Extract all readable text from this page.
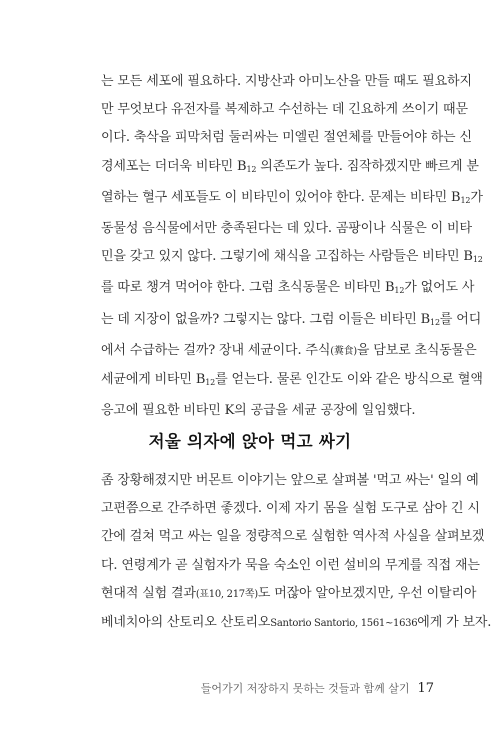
는 모든 세포에 필요하다. 지방산과 아미노산을 만들 때도 필요하지
만 무엇보다 유전자를 복제하고 수선하는 데 긴요하게 쓰이기 때문
이다. 축삭을 피막처럼 둘러싸는 미엘린 절연체를 만들어야 하는 신
경세포는 더더욱 비타민 $B_{12}$ 의존도가 높다. 짐작하겠지만 빠르게 분
열하는 혈구 세포들도 이 비타민이 있어야 한다. 문제는 비타민 $B_{12}$가
동물성 음식물에서만 충족된다는 데 있다. 곰팡이나 식물은 이 비타
민을 갖고 있지 않다. 그렇기에 채식을 고집하는 사람들은 비타민 $B_{12}$
를 따로 챙겨 먹어야 한다. 그럼 초식동물은 비타민 $B_{12}$가 없어도 사
는 데 지장이 없을까? 그렇지는 않다. 그럼 이들은 비타민 $B_{12}$를 어디
에서 수급하는 걸까? 장내 세균이다. 주식(糞食)을 담보로 초식동물은
세균에게 비타민 $B_{12}$를 얻는다. 물론 인간도 이와 같은 방식으로 혈액
응고에 필요한 비타민 K의 공급을 세균 공장에 일임했다.
저울 의자에 앉아 먹고 싸기
좀 장황해졌지만 버몬트 이야기는 앞으로 살펴볼 '먹고 싸는' 일의 예
고편쯤으로 간주하면 좋겠다. 이제 자기 몸을 실험 도구로 삼아 긴 시
간에 걸쳐 먹고 싸는 일을 정량적으로 실험한 역사적 사실을 살펴보겠
다. 연령계가 곧 실험자가 묵을 숙소인 이런 설비의 무게를 직접 재는
현대적 실험 결과(표10, 217쪽)도 머잖아 알아보겠지만, 우선 이탈리아
베네치아의 산토리오 산토리오Santorio Santorio, 1561~1636에게 가 보자.
들어가기 저장하지 못하는 것들과 함께 살기 17
